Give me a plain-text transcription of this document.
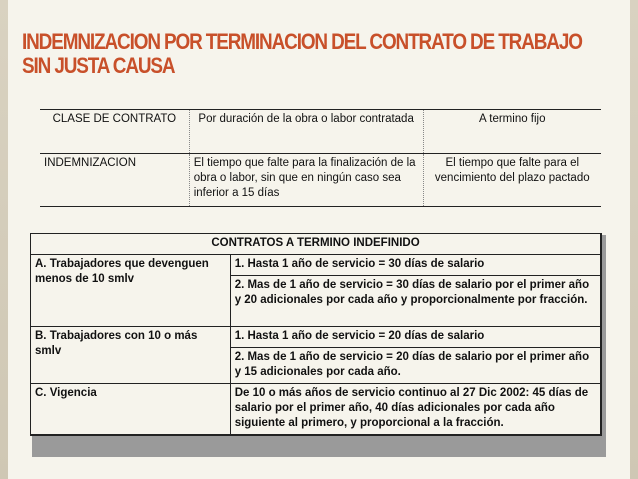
INDEMNIZACION POR TERMINACION DEL CONTRATO DE TRABAJO
SIN JUSTA CAUSA
CLASE DE CONTRATO	Por duración de la obra o labor contratada	A termino fijo
INDEMNIZACION	El tiempo que falte para la finalización de la obra o labor, sin que en ningún caso sea inferior a 15 días	El tiempo que falte para el vencimiento del plazo pactado
CONTRATOS A TERMINO INDEFINIDO	
A. Trabajadores que devenguen menos de 10 smlv	1. Hasta 1 año de servicio = 30 días de salario
	2. Mas de 1 año de servicio = 30 días de salario por el primer año y 20 adicionales por cada año y proporcionalmente por fracción.
B. Trabajadores con 10 o más smlv	1. Hasta 1 año de servicio = 20 días de salario
	2. Mas de 1 año de servicio = 20 días de salario por el primer año y 15 adicionales por cada año.
C. Vigencia	De 10 o más años de servicio continuo al 27 Dic 2002: 45 días de salario por el primer año, 40 días adicionales por cada año siguiente al primero, y proporcional a la fracción.
